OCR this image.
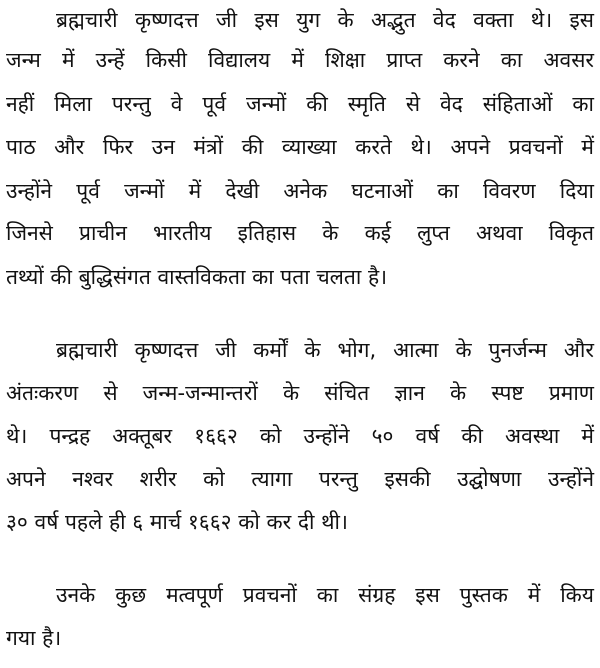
ब्रह्मचारी कृष्णदत्त जी इस युग के अद्भुत वेद वक्ता थे। इस
जन्म में उन्हें किसी विद्यालय में शिक्षा प्राप्त करने का अवसर
नहीं मिला परन्तु वे पूर्व जन्मों की स्मृति से वेद संहिताओं का
पाठ और फिर उन मंत्रों की व्याख्या करते थे। अपने प्रवचनों में
उन्होंने पूर्व जन्मों में देखी अनेक घटनाओं का विवरण दिया
जिनसे प्राचीन भारतीय इतिहास के कई लुप्त अथवा विकृत
तथ्यों की बुद्धिसंगत वास्तविकता का पता चलता है।
ब्रह्मचारी कृष्णदत्त जी कर्मों के भोग, आत्मा के पुनर्जन्म और
अंतःकरण से जन्म-जन्मान्तरों के संचित ज्ञान के स्पष्ट प्रमाण
थे। पन्द्रह अक्तूबर १६६२ को उन्होंने ५० वर्ष की अवस्था में
अपने नश्वर शरीर को त्यागा परन्तु इसकी उद्घोषणा उन्होंने
३० वर्ष पहले ही ६ मार्च १६६२ को कर दी थी।
उनके कुछ मत्वपूर्ण प्रवचनों का संग्रह इस पुस्तक में किय
गया है।
